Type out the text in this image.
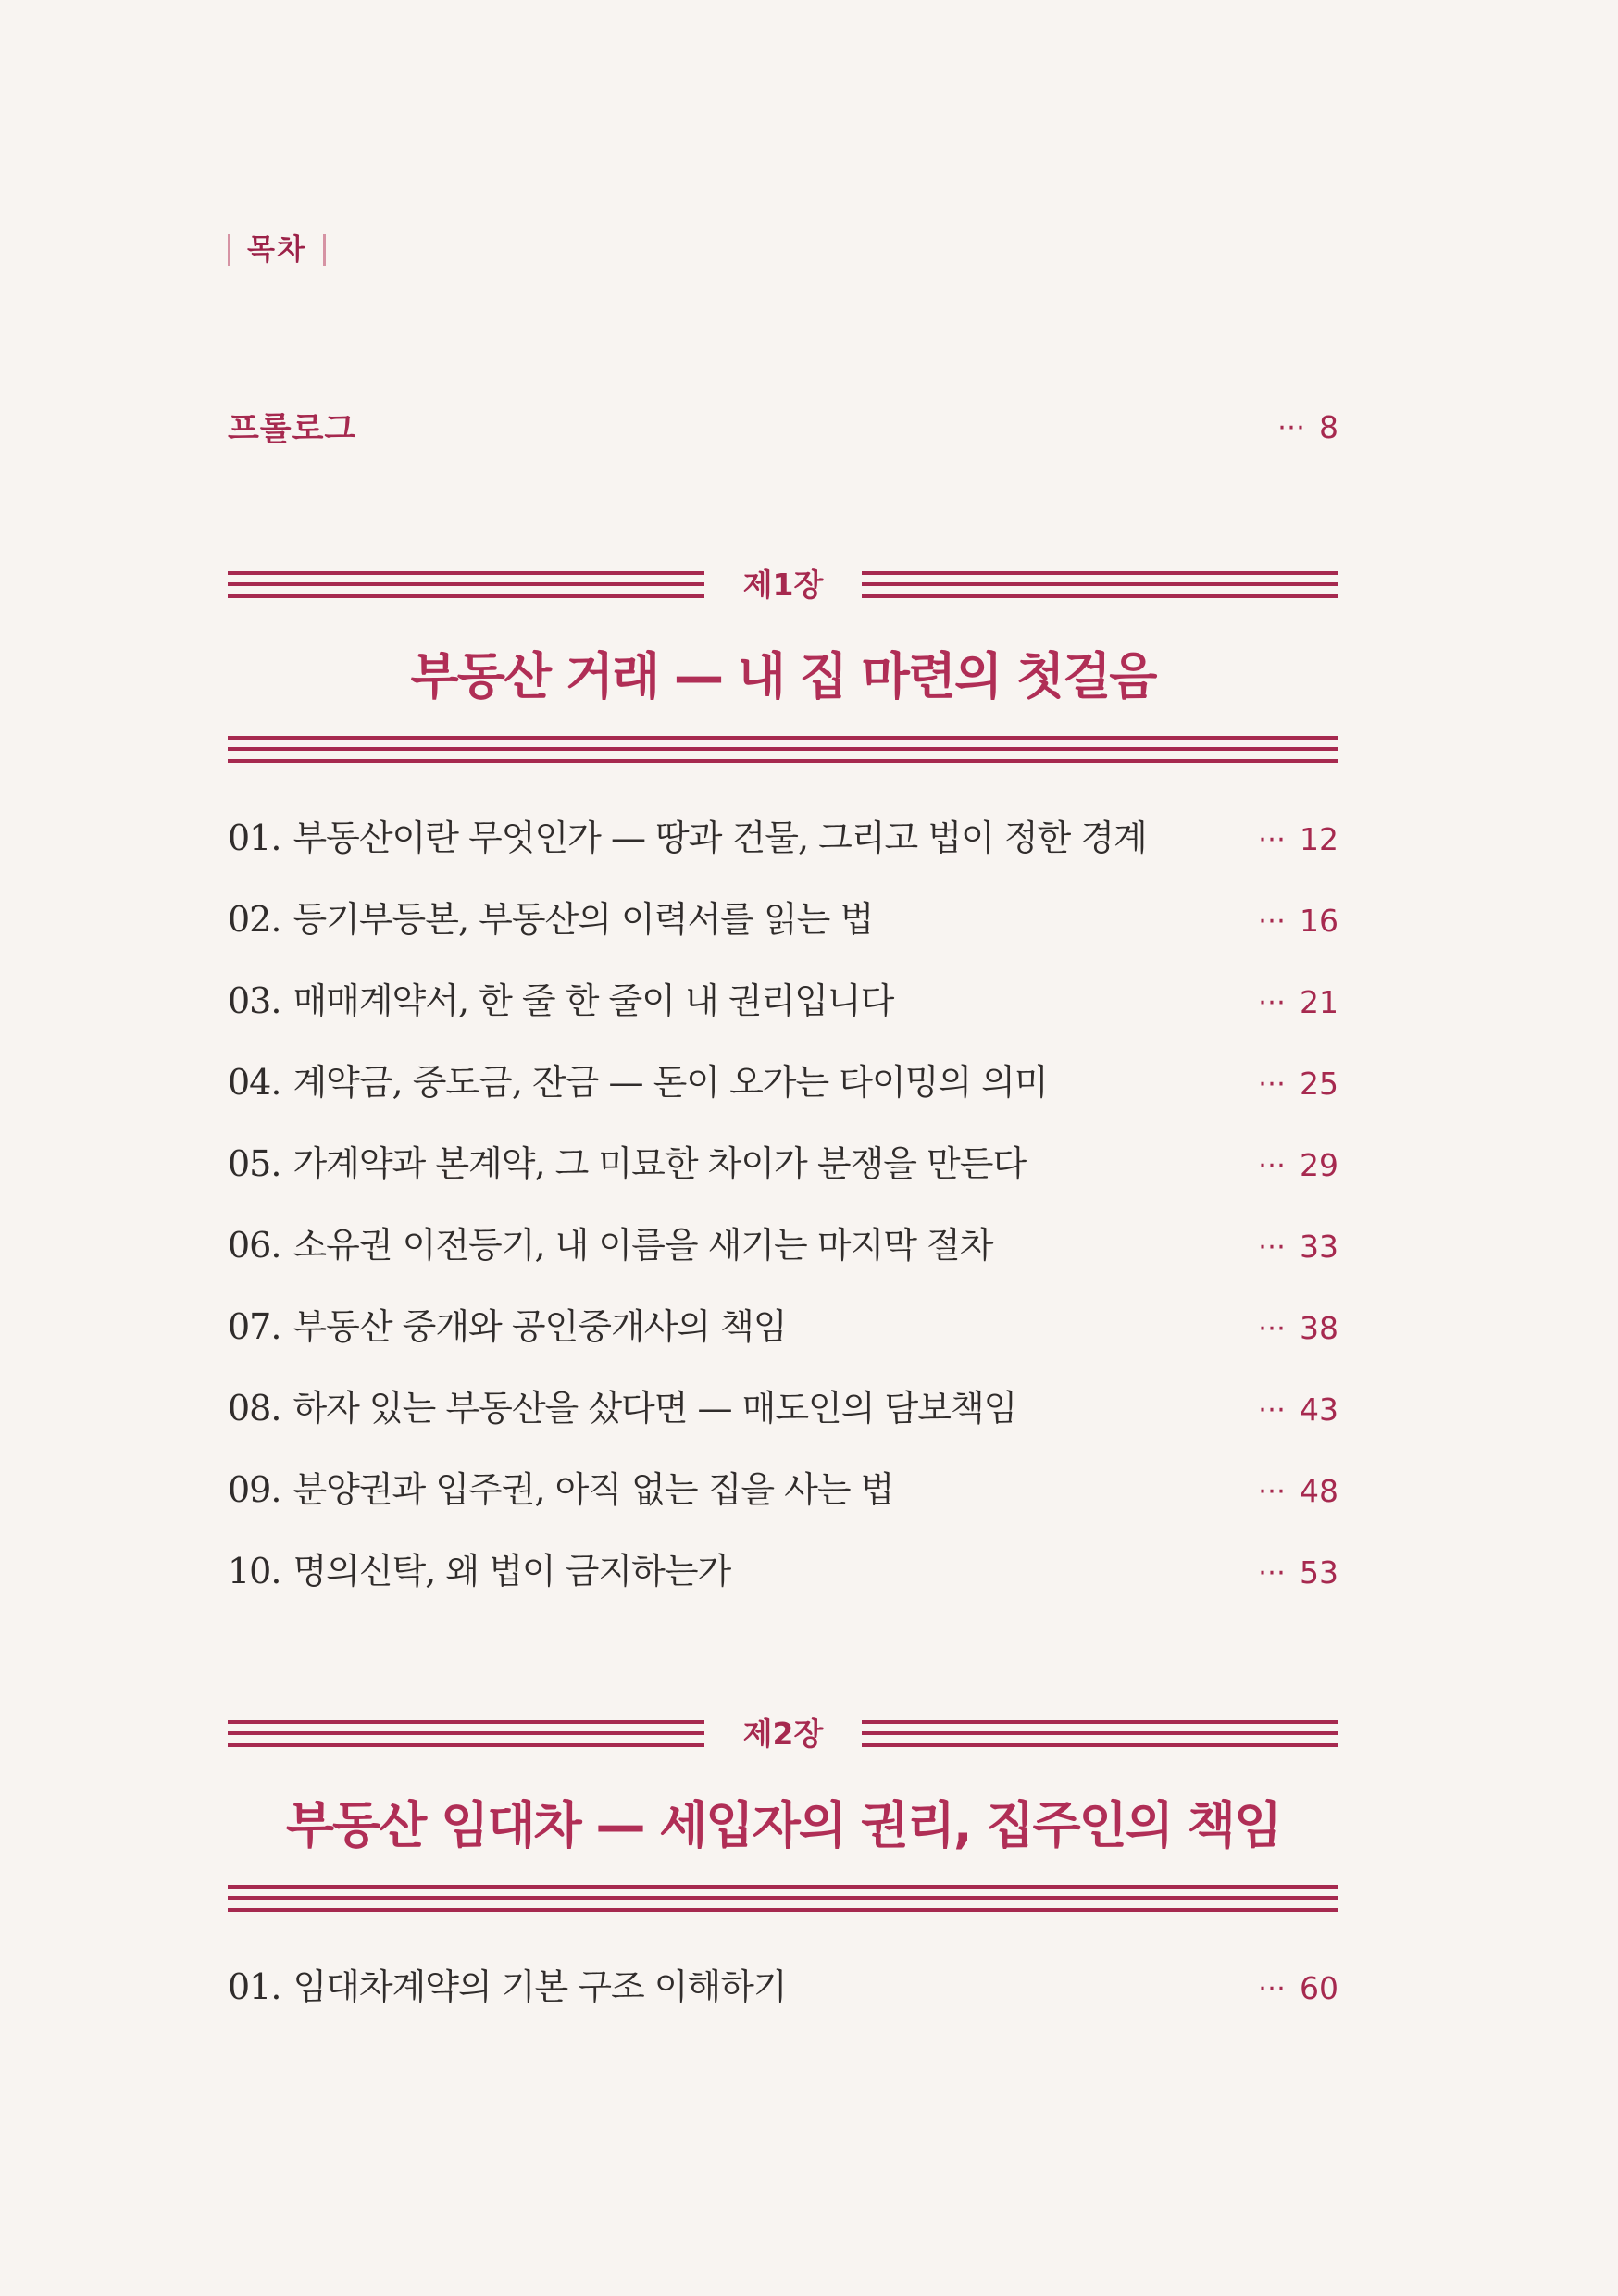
목차
프롤로그	⋯ 8
제1장
부동산 거래 — 내 집 마련의 첫걸음
01. 부동산이란 무엇인가 — 땅과 건물, 그리고 법이 정한 경계	⋯ 12
02. 등기부등본, 부동산의 이력서를 읽는 법	⋯ 16
03. 매매계약서, 한 줄 한 줄이 내 권리입니다	⋯ 21
04. 계약금, 중도금, 잔금 — 돈이 오가는 타이밍의 의미	⋯ 25
05. 가계약과 본계약, 그 미묘한 차이가 분쟁을 만든다	⋯ 29
06. 소유권 이전등기, 내 이름을 새기는 마지막 절차	⋯ 33
07. 부동산 중개와 공인중개사의 책임	⋯ 38
08. 하자 있는 부동산을 샀다면 — 매도인의 담보책임	⋯ 43
09. 분양권과 입주권, 아직 없는 집을 사는 법	⋯ 48
10. 명의신탁, 왜 법이 금지하는가	⋯ 53
제2장
부동산 임대차 — 세입자의 권리, 집주인의 책임
01. 임대차계약의 기본 구조 이해하기	⋯ 60
